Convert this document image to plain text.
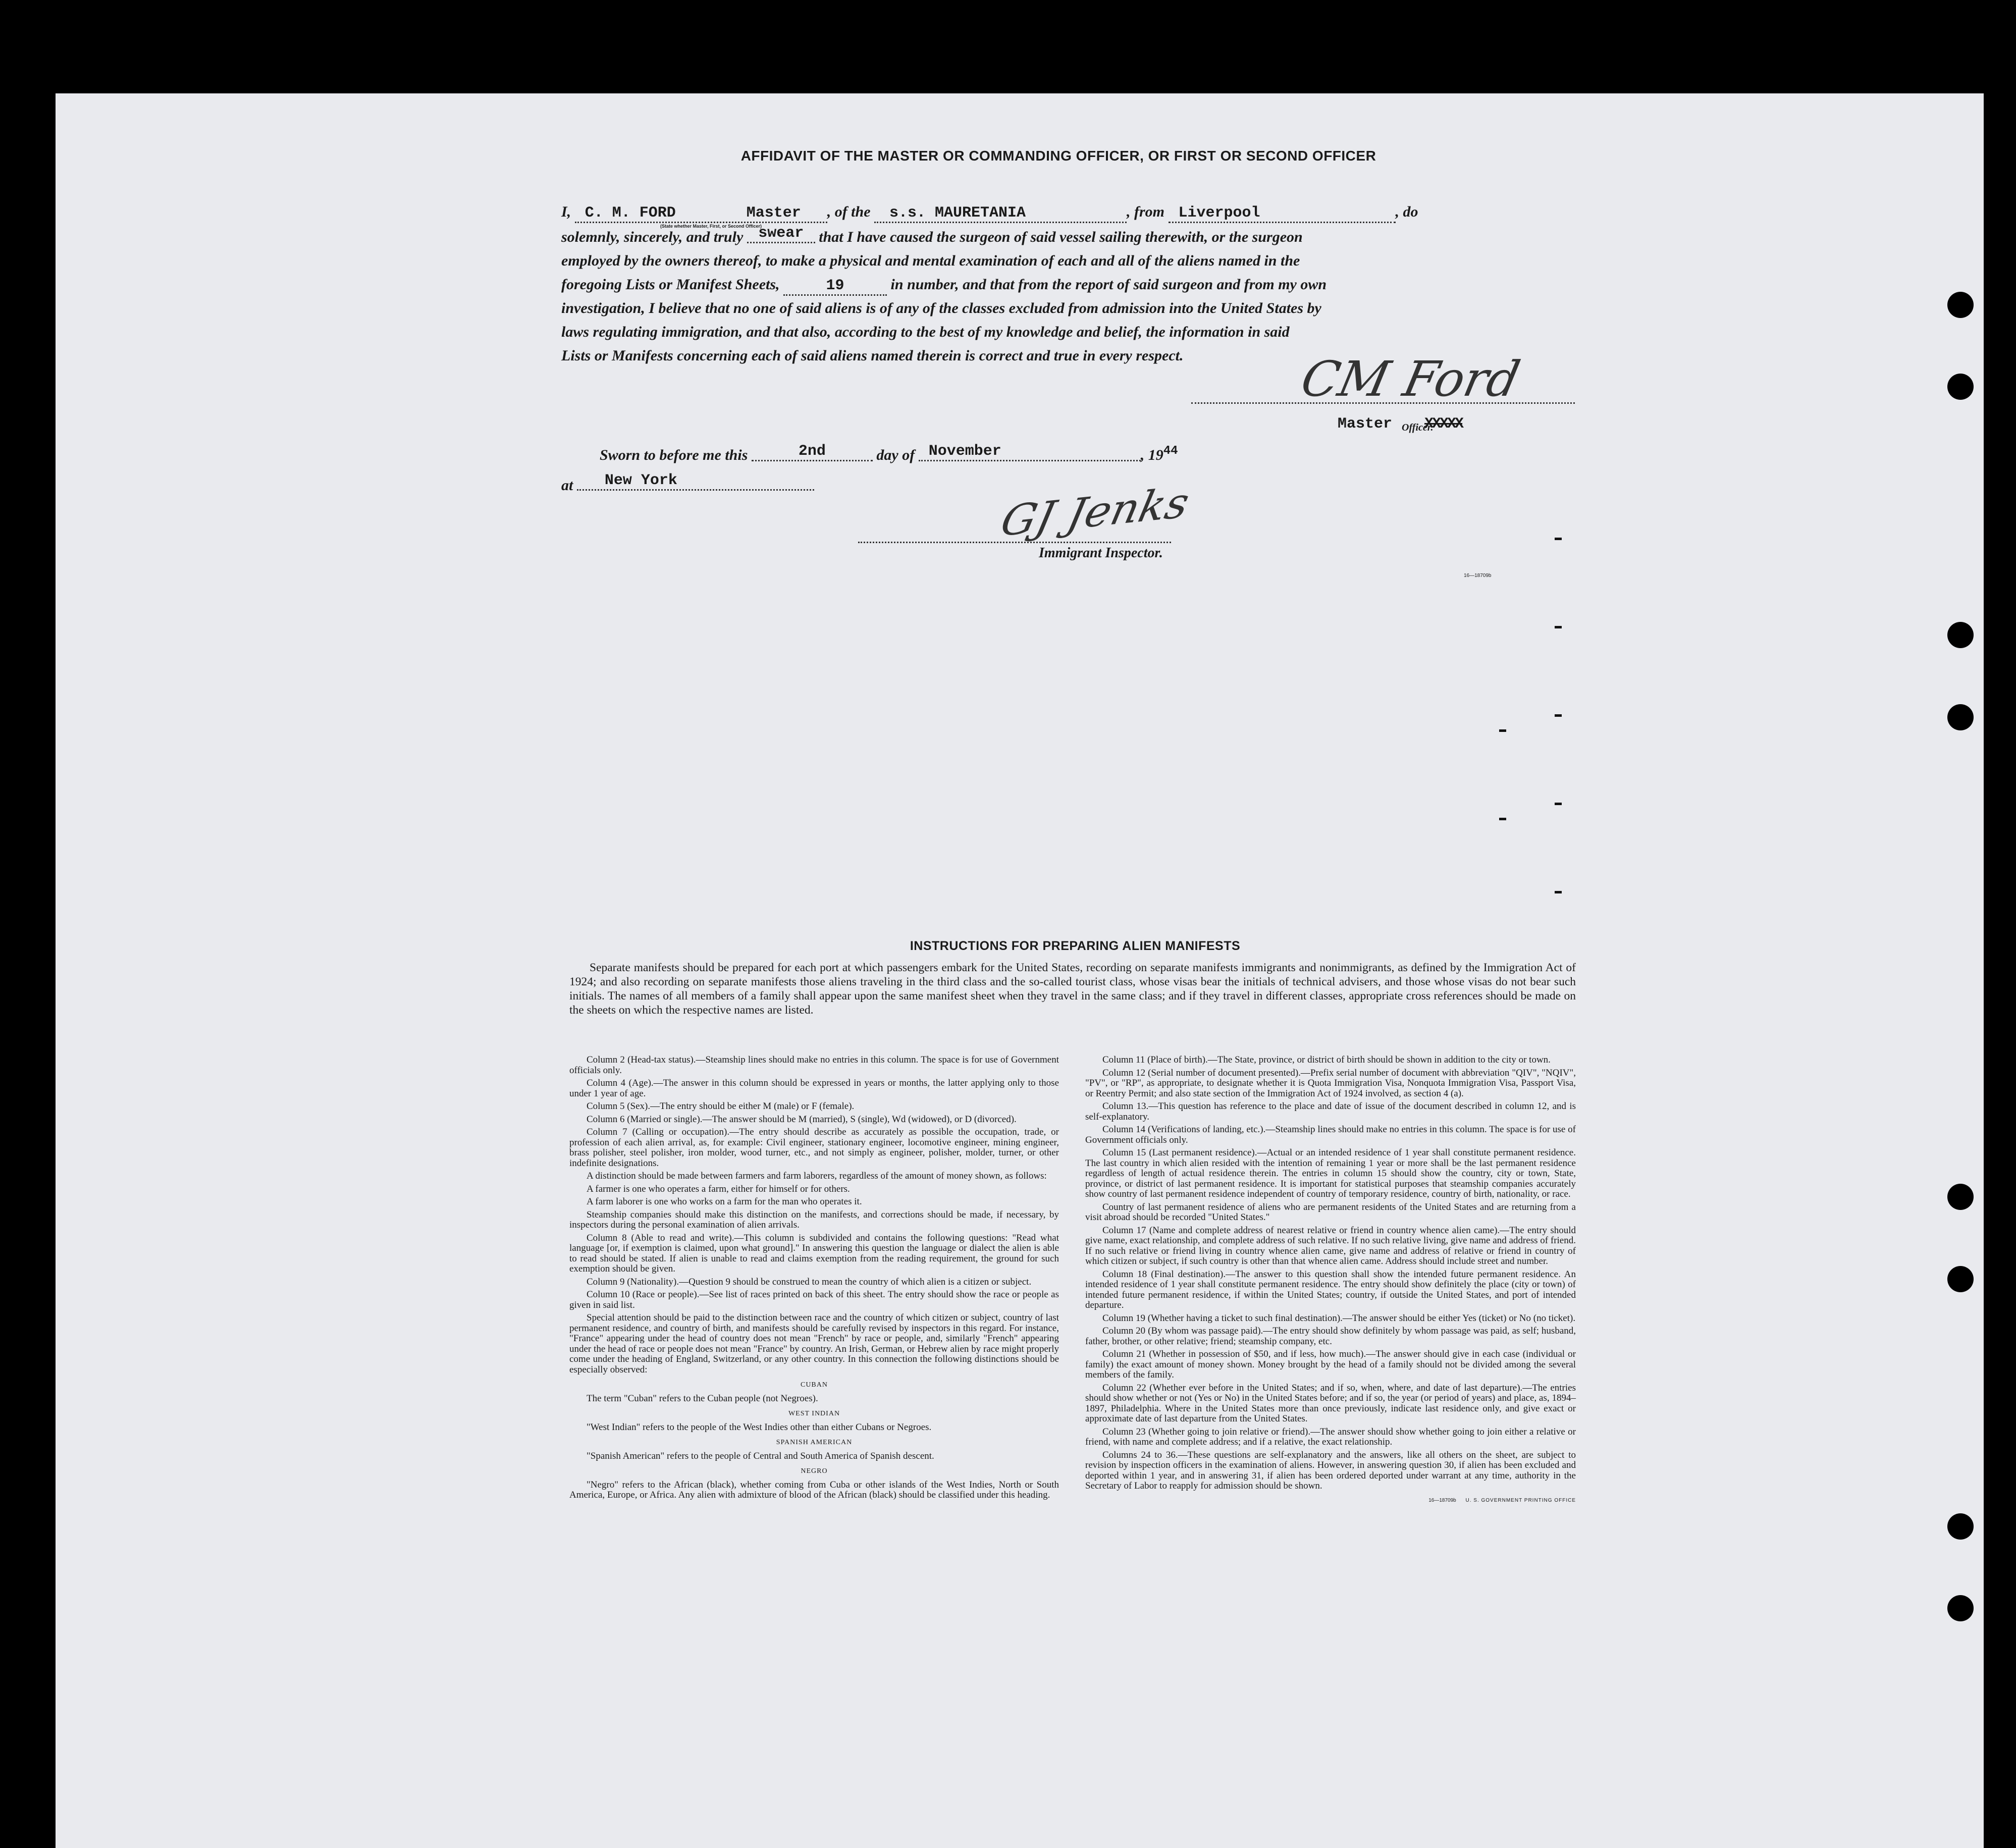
AFFIDAVIT OF THE MASTER OR COMMANDING OFFICER, OR FIRST OR SECOND OFFICER
I, C. M. FORD	Master , of the s.s. MAURETANIA	, from Liverpool	, do
(State whether Master, First, or Second Officer)
solemnly, sincerely, and truly swear that I have caused the surgeon of said vessel sailing therewith, or the surgeon
employed by the owners thereof, to make a physical and mental examination of each and all of the aliens named in the
foregoing Lists or Manifest Sheets,	19	in number, and that from the report of said surgeon and from my own
investigation, I believe that no one of said aliens is of any of the classes excluded from admission into the United States by
laws regulating immigration, and that also, according to the best of my knowledge and belief, the information in said
Lists or Manifests concerning each of said aliens named therein is correct and true in every respect. CM Ford
Master XXXXXOfficer.
Sworn to before me this	2nd	day of November	, $19^{44}$
at New York	GJ Jenks
Immigrant Inspector.
16—18709b
INSTRUCTIONS FOR PREPARING ALIEN MANIFESTS

Separate manifests should be prepared for each port at which passengers embark for the United States, recording on separate manifests immigrants and nonimmigrants, as defined by the Immigration Act of 1924; and also recording on separate manifests those aliens traveling in the third class and the so-called tourist class, whose visas bear the initials of technical advisers, and those whose visas do not bear such initials. The names of all members of a family shall appear upon the same manifest sheet when they travel in the same class; and if they travel in different classes, appropriate cross references should be made on the sheets on which the respective names are listed.

Column 2 (Head-tax status).—Steamship lines should make no entries in this column. The space is for use of Government officials only.

Column 4 (Age).—The answer in this column should be expressed in years or months, the latter applying only to those under 1 year of age.

Column 5 (Sex).—The entry should be either M (male) or F (female).

Column 6 (Married or single).—The answer should be M (married), S (single), Wd (widowed), or D (divorced).

Column 7 (Calling or occupation).—The entry should describe as accurately as possible the occupation, trade, or profession of each alien arrival, as, for example: Civil engineer, stationary engineer, locomotive engineer, mining engineer, brass polisher, steel polisher, iron molder, wood turner, etc., and not simply as engineer, polisher, molder, turner, or other indefinite designations.

A distinction should be made between farmers and farm laborers, regardless of the amount of money shown, as follows:

A farmer is one who operates a farm, either for himself or for others.

A farm laborer is one who works on a farm for the man who operates it.

Steamship companies should make this distinction on the manifests, and corrections should be made, if necessary, by inspectors during the personal examination of alien arrivals.

Column 8 (Able to read and write).—This column is subdivided and contains the following questions: "Read what language [or, if exemption is claimed, upon what ground]." In answering this question the language or dialect the alien is able to read should be stated. If alien is unable to read and claims exemption from the reading requirement, the ground for such exemption should be given.

Column 9 (Nationality).—Question 9 should be construed to mean the country of which alien is a citizen or subject.

Column 10 (Race or people).—See list of races printed on back of this sheet. The entry should show the race or people as given in said list.

Special attention should be paid to the distinction between race and the country of which citizen or subject, country of last permanent residence, and country of birth, and manifests should be carefully revised by inspectors in this regard. For instance, "France" appearing under the head of country does not mean "French" by race or people, and, similarly "French" appearing under the head of race or people does not mean "France" by country. An Irish, German, or Hebrew alien by race might properly come under the heading of England, Switzerland, or any other country. In this connection the following distinctions should be especially observed:

CUBAN

The term "Cuban" refers to the Cuban people (not Negroes).

WEST INDIAN

"West Indian" refers to the people of the West Indies other than either Cubans or Negroes.

SPANISH AMERICAN

"Spanish American" refers to the people of Central and South America of Spanish descent.

NEGRO

"Negro" refers to the African (black), whether coming from Cuba or other islands of the West Indies, North or South America, Europe, or Africa. Any alien with admixture of blood of the African (black) should be classified under this heading.

Column 11 (Place of birth).—The State, province, or district of birth should be shown in addition to the city or town.

Column 12 (Serial number of document presented).—Prefix serial number of document with abbreviation "QIV", "NQIV", "PV", or "RP", as appropriate, to designate whether it is Quota Immigration Visa, Nonquota Immigration Visa, Passport Visa, or Reentry Permit; and also state section of the Immigration Act of 1924 involved, as section 4 (a).

Column 13.—This question has reference to the place and date of issue of the document described in column 12, and is self-explanatory.

Column 14 (Verifications of landing, etc.).—Steamship lines should make no entries in this column. The space is for use of Government officials only.

Column 15 (Last permanent residence).—Actual or an intended residence of 1 year shall constitute permanent residence. The last country in which alien resided with the intention of remaining 1 year or more shall be the last permanent residence regardless of length of actual residence therein. The entries in column 15 should show the country, city or town, State, province, or district of last permanent residence. It is important for statistical purposes that steamship companies accurately show country of last permanent residence independent of country of temporary residence, country of birth, nationality, or race.

Country of last permanent residence of aliens who are permanent residents of the United States and are returning from a visit abroad should be recorded "United States."

Column 17 (Name and complete address of nearest relative or friend in country whence alien came).—The entry should give name, exact relationship, and complete address of such relative. If no such relative living, give name and address of friend. If no such relative or friend living in country whence alien came, give name and address of relative or friend in country of which citizen or subject, if such country is other than that whence alien came. Address should include street and number.

Column 18 (Final destination).—The answer to this question shall show the intended future permanent residence. An intended residence of 1 year shall constitute permanent residence. The entry should show definitely the place (city or town) of intended future permanent residence, if within the United States; country, if outside the United States, and port of intended departure.

Column 19 (Whether having a ticket to such final destination).—The answer should be either Yes (ticket) or No (no ticket).

Column 20 (By whom was passage paid).—The entry should show definitely by whom passage was paid, as self; husband, father, brother, or other relative; friend; steamship company, etc.

Column 21 (Whether in possession of $50, and if less, how much).—The answer should give in each case (individual or family) the exact amount of money shown. Money brought by the head of a family should not be divided among the several members of the family.

Column 22 (Whether ever before in the United States; and if so, when, where, and date of last departure).—The entries should show whether or not (Yes or No) in the United States before; and if so, the year (or period of years) and place, as, 1894–1897, Philadelphia. Where in the United States more than once previously, indicate last residence only, and give exact or approximate date of last departure from the United States.

Column 23 (Whether going to join relative or friend).—The answer should show whether going to join either a relative or friend, with name and complete address; and if a relative, the exact relationship.

Columns 24 to 36.—These questions are self-explanatory and the answers, like all others on the sheet, are subject to revision by inspection officers in the examination of aliens. However, in answering question 30, if alien has been excluded and deported within 1 year, and in answering 31, if alien has been ordered deported under warrant at any time, authority in the Secretary of Labor to reapply for admission should be shown.

16—18709b U. S. GOVERNMENT PRINTING OFFICE
